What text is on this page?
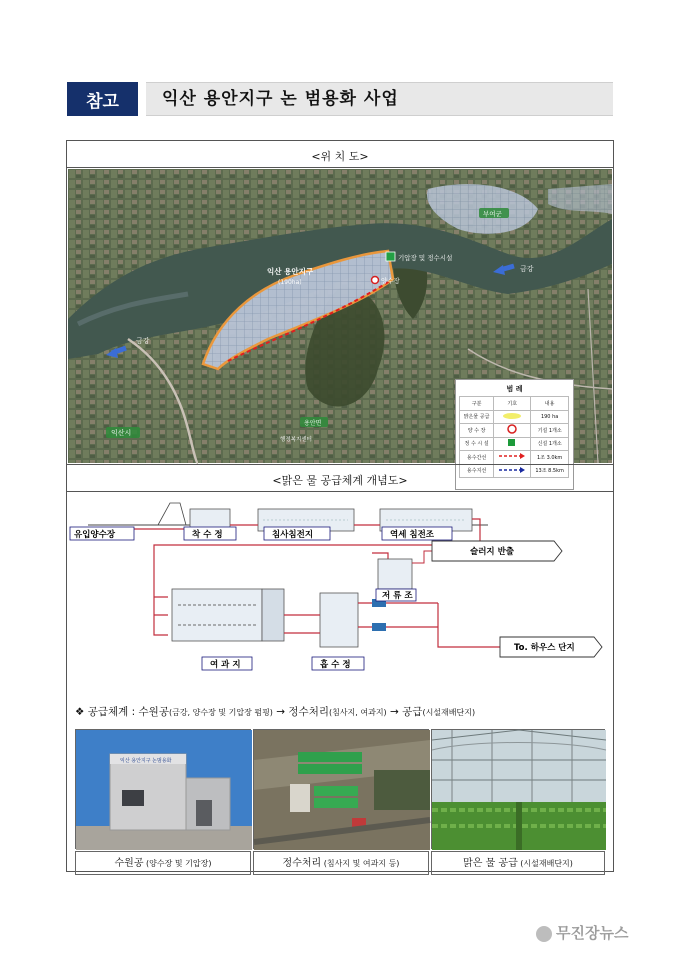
참고	익산 용안지구 논 범용화 사업
<위 치 도>
익산 용안지구
(190ha)
기압장 및 정수시설
양수장
금강
금강
부여군
익산시
용안면
행정복지센터
범 례
구분	기호	내용
맑은물 공급		190 ha
양 수 장		기설 1개소
정 수 시 설		신설 1개소
용수간선		1조 3.0km
용수지선		13조 8.5km
<맑은 물 공급체계 개념도>
유입양수장	착 수 정	침사침전지	역세 침전조
슬러지 반출
저 류 조
여 과 지	흡 수 정
To. 하우스 단지
❖ 공급체계 : 수원공(금강, 양수장 및 기압장 펌핑) → 정수처리(침사지, 여과지) → 공급(시설재배단지)
익산 용안지구 논범용화
수원공 (양수장 및 기압장)	정수처리 (침사지 및 여과지 등)	맑은 물 공급 (시설재배단지)
무진장뉴스
